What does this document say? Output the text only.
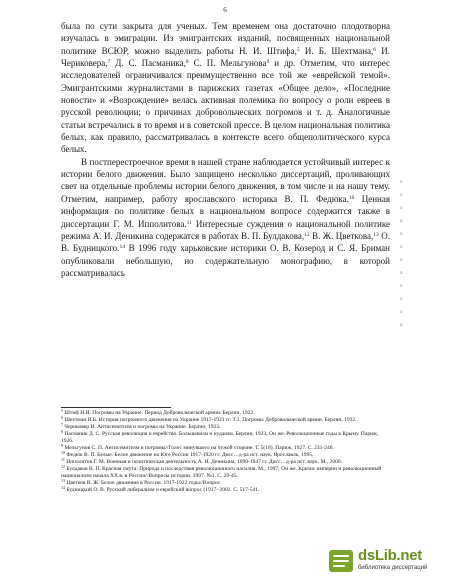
6

была по сути закрыта для ученых. Тем временем она достаточно плодотворна изучалась в эмиграции. Из эмигрантских изданий, посвященных национальной политике ВСЮР, можно выделить работы Н. И. Штифа,$^5$ И. Б. Шехтмана,$^6$ И. Чериковера,$^7$ Д. С. Пасманика,$^8$ С. П. Мельгунова$^9$ и др. Отметим, что интерес исследователей ограничивался преимущественно все той же «еврейской темой». Эмигрантскими журналистами в парижских газетах «Общее дело», «Последние новости» и «Возрождение» велась активная полемика по вопросу о роли евреев в русской революции; о причинах добровольческих погромов и т. д. Аналогичные статьи встречались в то время и в советской прессе. В целом национальная политика белых, как правило, рассматривалась в контексте всего общеполитического курса белых.

В постперестроечное время в нашей стране наблюдается устойчивый интерес к истории белого движения. Было защищено несколько диссертаций, проливающих свет на отдельные проблемы истории белого движения, в том числе и на нашу тему. Отметим, например, работу ярославского историка В. П. Федюка.$^{10}$ Ценная информация по политике белых в национальном вопросе содержится также в диссертации Г. М. Ипполитова.$^{11}$ Интересные суждения о национальной политике режима А. И. Деникина содержатся в работах В. П. Булдакова,$^{12}$ В. Ж. Цветкова,$^{13}$ О. В. Будницкого.$^{14}$ В 1996 году харьковские историки О. В. Козерод и С. Я. Бриман опубликовали небольшую, но содержательную монографию, в которой рассматривалась

x
x
x
x
x
x
x
x
x
x
x
x
$^5$ Штиф Н.И. Погромы на Украине. Период Добровольческой армии. Берлин, 1922.
$^6$ Шехтман И.Б. История погромного движения на Украине 1917-1921 гг. Т.2. Погромы Добровольческой армии. Берлин, 1932.
$^7$ Чериковер И. Антисемитизм и погромы на Украине. Берлин, 1923.
$^8$ Пасманик Д. С. Русская революция и еврейство. Большевизм и иудаизм. Берлин, 1923; Он же. Революционные годы в Крыму. Париж, 1926.
$^9$ Мельгунов С. П. Антисемитизм и погромы//Голос минувшего на чужой стороне. Т. 5(18). Париж, 1927. С. 231-246.
$^{10}$ Федюк В. П. Белые. Белое движение на Юге России 1917-1920 гг. Дисс…д-ра ист. наук. Ярославль, 1995.
$^{11}$ Ипполитов Г. М. Военная и политическая деятельность А. И. Деникина, 1890-1947 гг. Дисс…д-ра ист. наук. М., 2000.
$^{12}$ Булдаков В. П. Красная смута: Природа и последствия революционного насилия. М., 1997; Он же. Кризис империи и революционный национализм начала XX в. в России//Вопросы истории. 1997. №1. С. 29-45.
$^{13}$ Цветков В. Ж. Белое движение в России. 1917-1922 годы//Вопрос
$^{14}$ Будницкий О. В. Русский либерализм и еврейский вопрос (1917- 2002. С. 517-541.
dsLib.net
библиотека диссертаций
